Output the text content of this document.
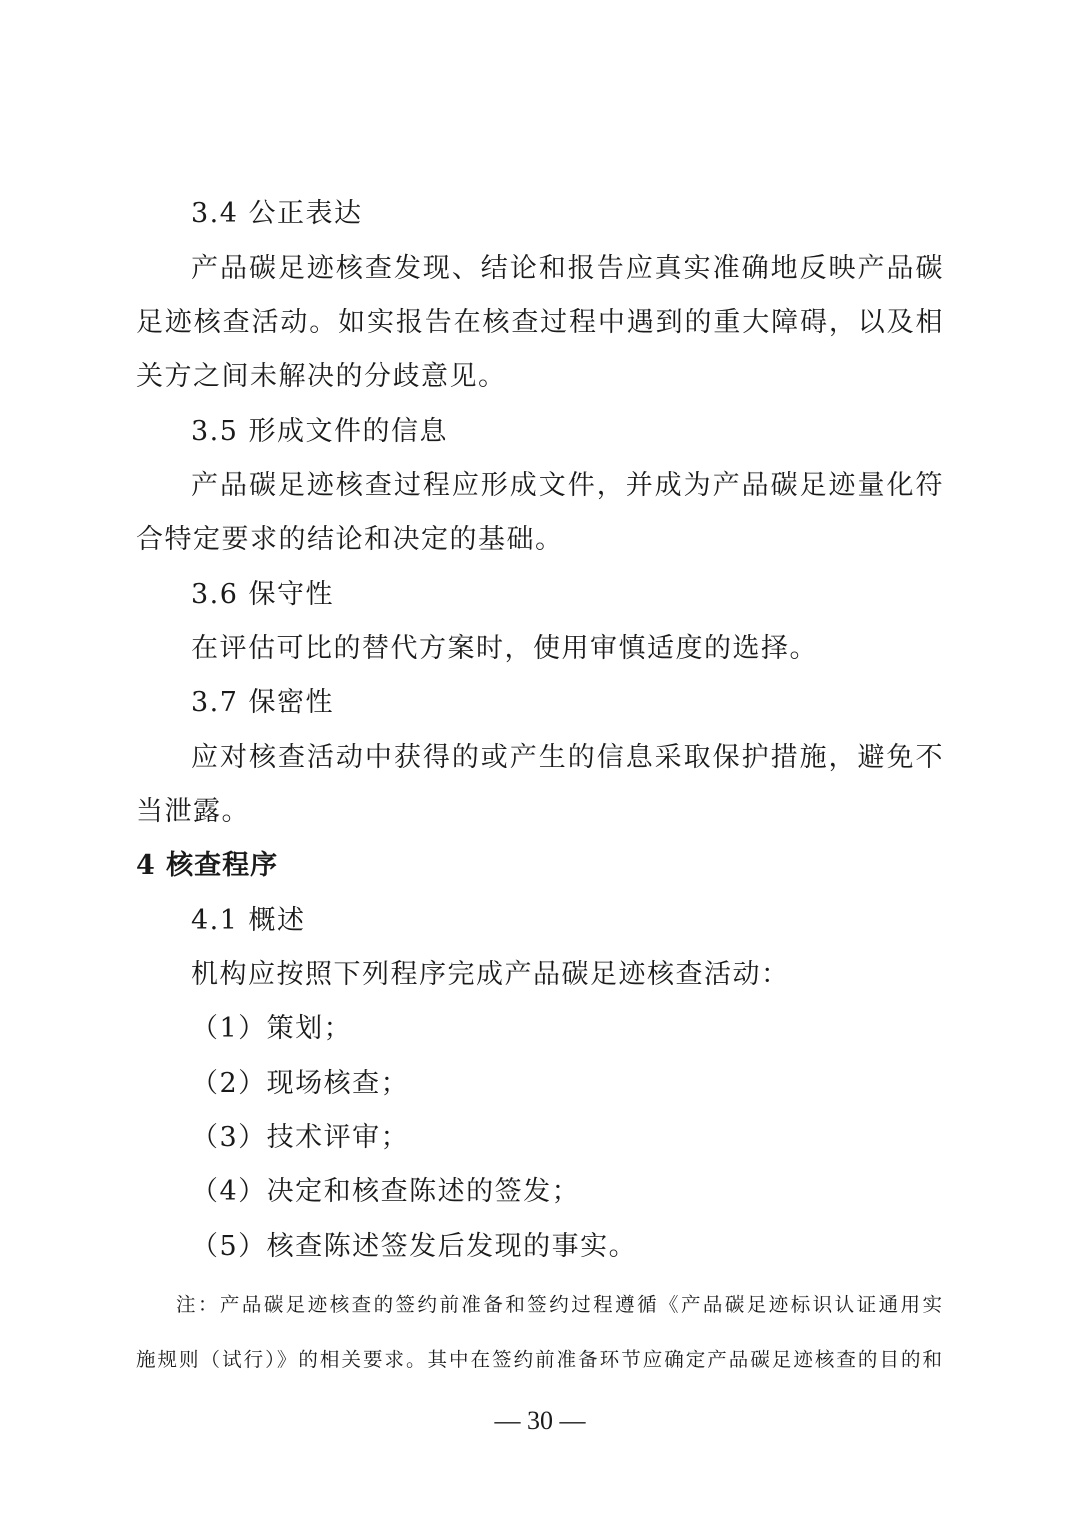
3.4 公正表达
产品碳足迹核查发现、结论和报告应真实准确地反映产品碳
足迹核查活动。如实报告在核查过程中遇到的重大障碍，以及相
关方之间未解决的分歧意见。
3.5 形成文件的信息
产品碳足迹核查过程应形成文件，并成为产品碳足迹量化符
合特定要求的结论和决定的基础。
3.6 保守性
在评估可比的替代方案时，使用审慎适度的选择。
3.7 保密性
应对核查活动中获得的或产生的信息采取保护措施，避免不
当泄露。
4 核查程序
4.1 概述
机构应按照下列程序完成产品碳足迹核查活动：
（1）策划；
（2）现场核查；
（3）技术评审；
（4）决定和核查陈述的签发；
（5）核查陈述签发后发现的事实。
注：产品碳足迹核查的签约前准备和签约过程遵循《产品碳足迹标识认证通用实
施规则（试行）》的相关要求。其中在签约前准备环节应确定产品碳足迹核查的目的和
— 30 —
